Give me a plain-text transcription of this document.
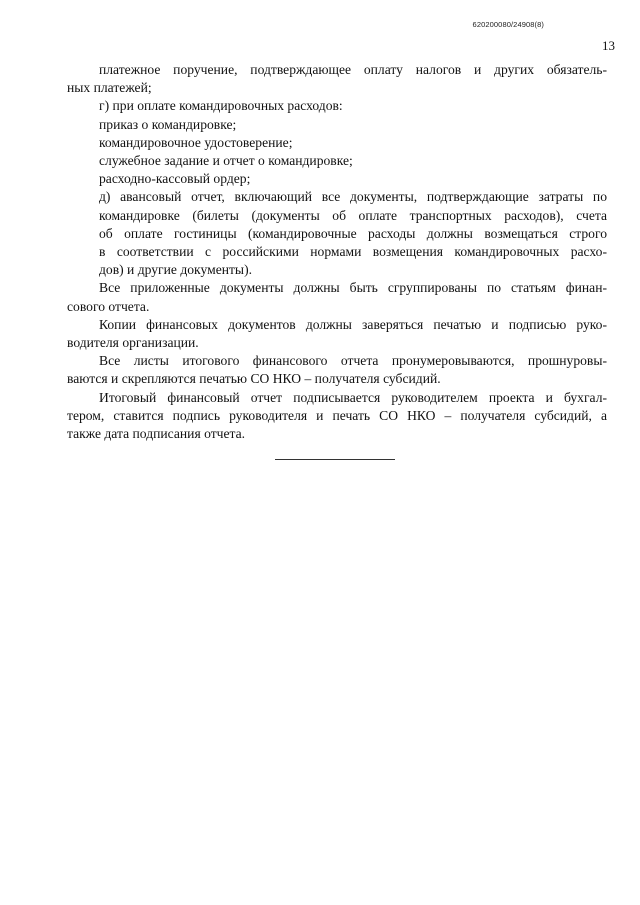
620200080/24908(8)
13
платежное поручение, подтверждающее оплату налогов и других обязатель-
ных платежей;
г) при оплате командировочных расходов:
приказ о командировке;
командировочное удостоверение;
служебное задание и отчет о командировке;
расходно-кассовый ордер;
д) авансовый отчет, включающий все документы, подтверждающие затраты по
командировке (билеты (документы об оплате транспортных расходов), счета
об оплате гостиницы (командировочные расходы должны возмещаться строго
в соответствии с российскими нормами возмещения командировочных расхо-
дов) и другие документы).
Все приложенные документы должны быть сгруппированы по статьям финан-
сового отчета.
Копии финансовых документов должны заверяться печатью и подписью руко-
водителя организации.
Все листы итогового финансового отчета пронумеровываются, прошнуровы-
ваются и скрепляются печатью СО НКО – получателя субсидий.
Итоговый финансовый отчет подписывается руководителем проекта и бухгал-
тером, ставится подпись руководителя и печать СО НКО – получателя субсидий, а
также дата подписания отчета.
